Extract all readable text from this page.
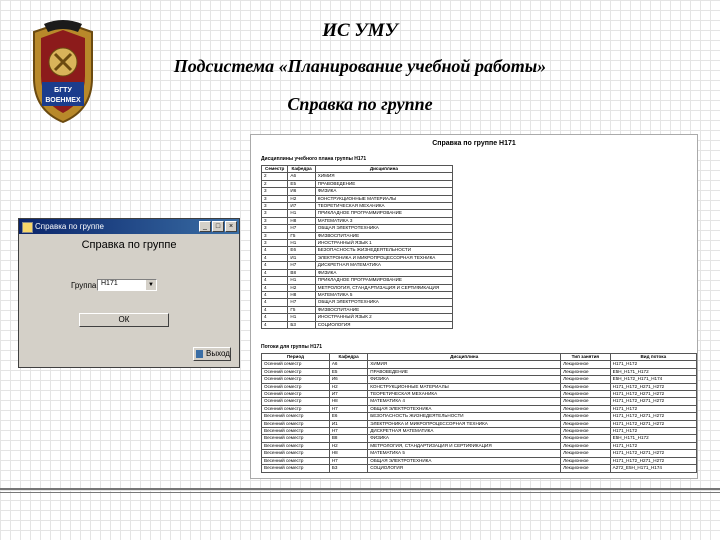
БГТУ
ВОЕНМЕХ
ИС УМУ
Подсистема «Планирование учебной работы»
Справка по группе
Справка по группе	_	□	×
Справка по группе
Группа Н171	▼
ОК
Выход
Справка по группе Н171
Дисциплины учебного плана группы Н171
Семестр	Кафедра	Дисциплина
2	А6	ХИМИЯ
2	Е5	ПРАВОВЕДЕНИЕ
3	И6	ФИЗИКА
3	Н2	КОНСТРУКЦИОННЫЕ МАТЕРИАЛЫ
3	И7	ТЕОРЕТИЧЕСКАЯ МЕХАНИКА
3	Н1	ПРИКЛАДНОЕ ПРОГРАММИРОВАНИЕ
3	Н8	МАТЕМАТИКА 3
3	Н7	ОБЩАЯ ЭЛЕКТРОТЕХНИКА
3	Г5	ФИЗВОСПИТАНИЕ
3	Н1	ИНОСТРАННЫЙ ЯЗЫК 1
4	Е6	БЕЗОПАСНОСТЬ ЖИЗНЕДЕЯТЕЛЬНОСТИ
4	И1	ЭЛЕКТРОНИКА И МИКРОПРОЦЕССОРНАЯ ТЕХНИКА
4	Н7	ДИСКРЕТНАЯ МАТЕМАТИКА
4	В8	ФИЗИКА
4	Н1	ПРИКЛАДНОЕ ПРОГРАММИРОВАНИЕ
4	Н2	МЕТРОЛОГИЯ, СТАНДАРТИЗАЦИЯ И СЕРТИФИКАЦИЯ
4	Н8	МАТЕМАТИКА 5
4	Н7	ОБЩАЯ ЭЛЕКТРОТЕХНИКА
4	Г5	ФИЗВОСПИТАНИЕ
4	Н1	ИНОСТРАННЫЙ ЯЗЫК 2
4	Б3	СОЦИОЛОГИЯ
Потоки для группы Н171
Период	Кафедра	Дисциплина	Тип занятия	Вид потока
Осенний семестр	А6	ХИМИЯ	Лекционное	Н171_Н172
Осенний семестр	Е5	ПРАВОВЕДЕНИЕ	Лекционное	Е5Н_Н171_Н172
Осенний семестр	И6	ФИЗИКА	Лекционное	Е5Н_Н172_Н171_Н174
Осенний семестр	Н2	КОНСТРУКЦИОННЫЕ МАТЕРИАЛЫ	Лекционное	Н171_Н172_Н271_Н272
Осенний семестр	И7	ТЕОРЕТИЧЕСКАЯ МЕХАНИКА	Лекционное	Н171_Н172_Н271_Н272
Осенний семестр	Н8	МАТЕМАТИКА 4	Лекционное	Н171_Н172_Н271_Н272
Осенний семестр	Н7	ОБЩАЯ ЭЛЕКТРОТЕХНИКА	Лекционное	Н171_Н172
Весенний семестр	Е6	БЕЗОПАСНОСТЬ ЖИЗНЕДЕЯТЕЛЬНОСТИ	Лекционное	Н171_Н172_Н271_Н272
Весенний семестр	И1	ЭЛЕКТРОНИКА И МИКРОПРОЦЕССОРНАЯ ТЕХНИКА	Лекционное	Н171_Н172_Н271_Н272
Весенний семестр	Н7	ДИСКРЕТНАЯ МАТЕМАТИКА	Лекционное	Н171_Н172
Весенний семестр	В8	ФИЗИКА	Лекционное	Е5Н_Н171_Н172
Весенний семестр	Н2	МЕТРОЛОГИЯ, СТАНДАРТИЗАЦИЯ И СЕРТИФИКАЦИЯ	Лекционное	Н171_Н172
Весенний семестр	Н8	МАТЕМАТИКА 5	Лекционное	Н171_Н172_Н271_Н272
Весенний семестр	Н7	ОБЩАЯ ЭЛЕКТРОТЕХНИКА	Лекционное	Н171_Н172_Н271_Н272
Весенний семестр	Б3	СОЦИОЛОГИЯ	Лекционное	А272_Е5Н_Н171_Н174
